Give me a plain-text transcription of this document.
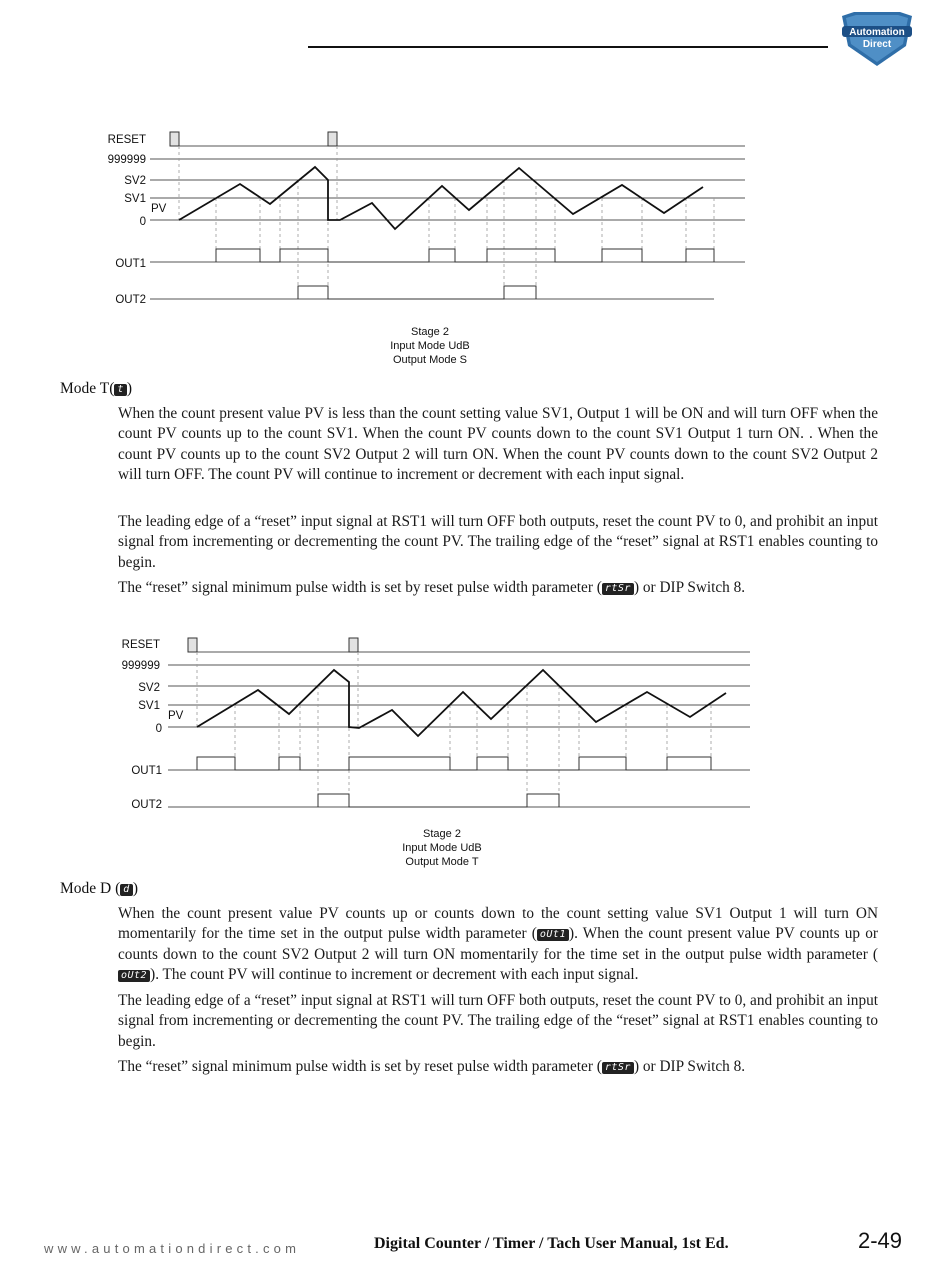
Automation
Direct
RESET
999999
SV2
SV1
PV
0
OUT1
OUT2
Stage 2
Input Mode UdB
Output Mode S
Mode T( t )
When the count present value PV is less than the count setting value SV1, Output 1 will be ON and will turn OFF when the count PV counts up to the count SV1. When the count PV counts down to the count SV1 Output 1 turn ON. . When the count PV counts up to the count SV2 Output 2 will turn ON. When the count PV counts down to the count SV2 Output 2 will turn OFF. The count PV will continue to increment or decrement with each input signal.
The leading edge of a “reset” input signal at RST1 will turn OFF both outputs, reset the count PV to 0, and prohibit an input signal from incrementing or decrementing the count PV. The trailing edge of the “reset” signal at RST1 enables counting to begin.
The “reset” signal minimum pulse width is set by reset pulse width parameter ( rtSr ) or DIP Switch 8.
RESET
999999
SV2
SV1
PV
0
OUT1
OUT2
Stage 2
Input Mode UdB
Output Mode T
Mode D ( d )
When the count present value PV counts up or counts down to the count setting value SV1 Output 1 will turn ON momentarily for the time set in the output pulse width parameter ( oUt1 ). When the count present value PV counts up or counts down to the count SV2 Output 2 will turn ON momentarily for the time set in the output pulse width parameter (oUt2 ). The count PV will continue to increment or decrement with each input signal.
The leading edge of a “reset” input signal at RST1 will turn OFF both outputs, reset the count PV to 0, and prohibit an input signal from incrementing or decrementing the count PV. The trailing edge of the “reset” signal at RST1 enables counting to begin.
The “reset” signal minimum pulse width is set by reset pulse width parameter ( rtSr ) or DIP Switch 8.
www.automationdirect.com	Digital Counter / Timer / Tach User Manual, 1st Ed.	2-49
